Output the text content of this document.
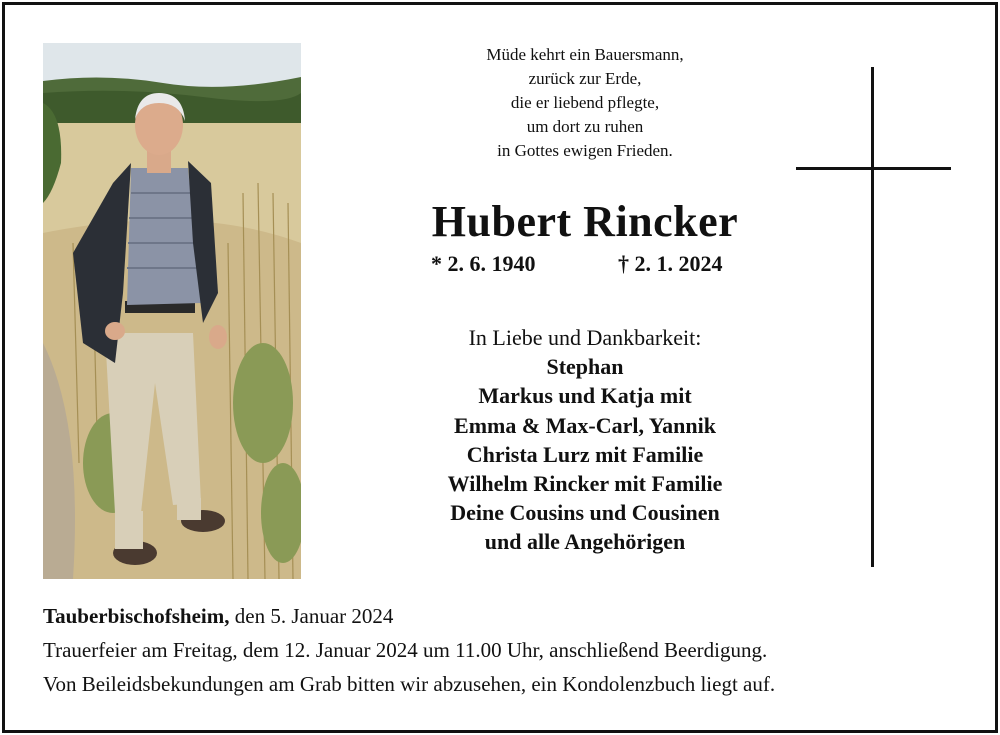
Müde kehrt ein Bauersmann,
zurück zur Erde,
die er liebend pflegte,
um dort zu ruhen
in Gottes ewigen Frieden.
Hubert Rincker
* 2. 6. 1940	† 2. 1. 2024
In Liebe und Dankbarkeit:
Stephan
Markus und Katja mit
Emma & Max-Carl, Yannik
Christa Lurz mit Familie
Wilhelm Rincker mit Familie
Deine Cousins und Cousinen
und alle Angehörigen
Tauberbischofsheim, den 5. Januar 2024
Trauerfeier am Freitag, dem 12. Januar 2024 um 11.00 Uhr, anschließend Beerdigung.
Von Beileidsbekundungen am Grab bitten wir abzusehen, ein Kondolenzbuch liegt auf.
